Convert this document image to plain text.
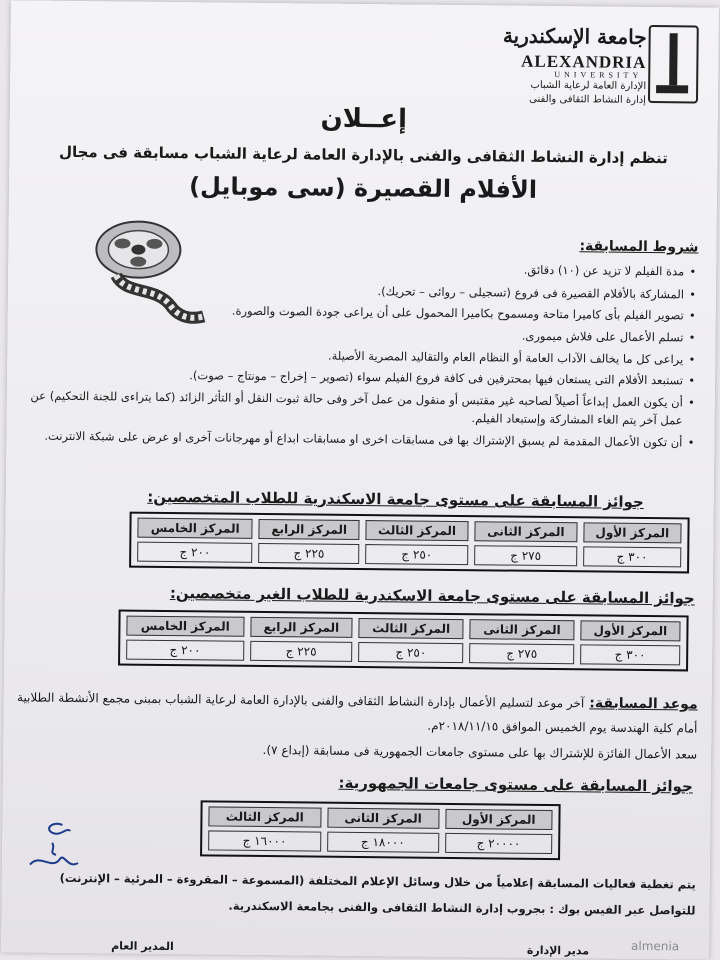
جامعة الإسكندرية
ALEXANDRIA
UNIVERSITY
الإدارة العامة لرعاية الشباب
إدارة النشاط الثقافى والفنى
إعــلان
تنظم إدارة النشاط الثقافى والفنى بالإدارة العامة لرعاية الشباب مسابقة فى مجال
الأفلام القصيرة (سى موبايل)
شروط المسابقة:
• مدة الفيلم لا تزيد عن (١٠) دقائق.
• المشاركة بالأفلام القصيرة فى فروع (تسجيلى – روائى – تحريك).
• تصوير الفيلم بأى كاميرا متاحة ومسموح بكاميرا المحمول على أن يراعى جودة الصوت والصورة.
• تسلم الأعمال على فلاش ميمورى.
• يراعى كل ما يخالف الآداب العامة أو النظام العام والتقاليد المصرية الأصيلة.
• تستبعد الأفلام التى يستعان فيها بمحترفين فى كافة فروع الفيلم سواء (تصوير – إخراج – مونتاج – صوت).
• أن يكون العمل إبداعاً أصيلاً لصاحبه غير مقتبس أو منقول من عمل آخر وفى حالة ثبوت النقل أو التأثر الزائد (كما يتراءى للجنة التحكيم) عن عمل آخر يتم الغاء المشاركة وإستبعاد الفيلم.
• أن تكون الأعمال المقدمة لم يسبق الإشتراك بها فى مسابقات اخرى او مسابقات ابداع أو مهرجانات آخرى او عرض على شبكة الانترنت.
جوائز المسابقة على مستوى جامعة الاسكندرية للطلاب المتخصصين:
المركز الأول	المركز الثانى	المركز الثالث	المركز الرابع	المركز الخامس
٣٠٠ ج	٢٧٥ ج	٢٥٠ ج	٢٢٥ ج	٢٠٠ ج
جوائز المسابقة على مستوى جامعة الاسكندرية للطلاب الغير متخصصين:
المركز الأول	المركز الثانى	المركز الثالث	المركز الرابع	المركز الخامس
٣٠٠ ج	٢٧٥ ج	٢٥٠ ج	٢٢٥ ج	٢٠٠ ج
موعد المسابقة: آخر موعد لتسليم الأعمال بإدارة النشاط الثقافى والفنى بالإدارة العامة لرعاية الشباب بمبنى مجمع الأنشطة الطلابية
أمام كلية الهندسة يوم الخميس الموافق ٢٠١٨/١١/١٥م.
سعد الأعمال الفائزة للإشتراك بها على مستوى جامعات الجمهورية فى مسابقة (إبداع ٧).
جوائز المسابقة على مستوى جامعات الجمهورية:
المركز الأول	المركز الثانى	المركز الثالث
٢٠٠٠٠ ج	١٨٠٠٠ ج	١٦٠٠٠ ج
يتم تغطية فعاليات المسابقة إعلامياً من خلال وسائل الإعلام المختلفة (المسموعة – المقروءة – المرئية – الإنترنت)
للتواصل عبر الفيس بوك : بجروب إدارة النشاط الثقافى والفنى بجامعة الاسكندرية.
المدير العام	مدير الإدارة	almenia
